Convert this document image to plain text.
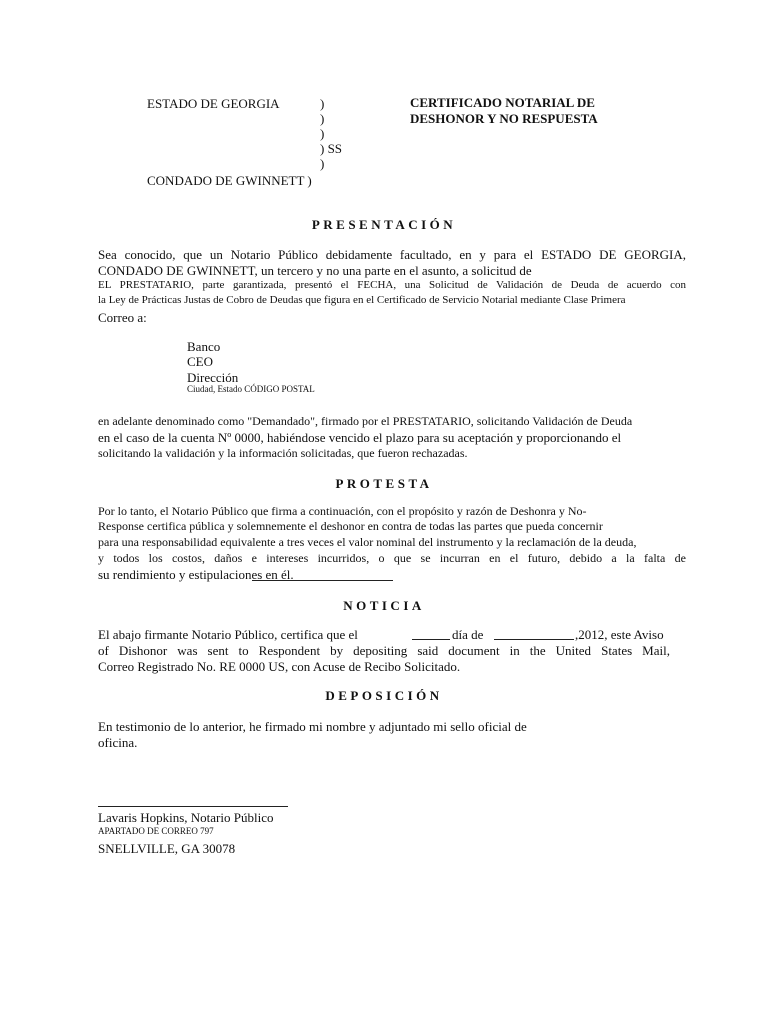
ESTADO DE GEORGIA	)
)
)
) SS
)
CONDADO DE GWINNETT )
CERTIFICADO NOTARIAL DE
DESHONOR Y NO RESPUESTA
PRESENTACIÓN
Sea conocido, que un Notario Público debidamente facultado, en y para el ESTADO DE GEORGIA,
CONDADO DE GWINNETT, un tercero y no una parte en el asunto, a solicitud de
EL PRESTATARIO, parte garantizada, presentó el FECHA, una Solicitud de Validación de Deuda de acuerdo con
la Ley de Prácticas Justas de Cobro de Deudas que figura en el Certificado de Servicio Notarial mediante Clase Primera
Correo a:
Banco
CEO
Dirección
Ciudad, Estado CÓDIGO POSTAL
en adelante denominado como "Demandado", firmado por el PRESTATARIO, solicitando Validación de Deuda
en el caso de la cuenta Nº 0000, habiéndose vencido el plazo para su aceptación y proporcionando el
solicitando la validación y la información solicitadas, que fueron rechazadas.
PROTESTA
Por lo tanto, el Notario Público que firma a continuación, con el propósito y razón de Deshonra y No-
Response certifica pública y solemnemente el deshonor en contra de todas las partes que pueda concernir
para una responsabilidad equivalente a tres veces el valor nominal del instrumento y la reclamación de la deuda,
y todos los costos, daños e intereses incurridos, o que se incurran en el futuro, debido a la falta de
su rendimiento y estipulaciones en él.
NOTICIA
El abajo firmante Notario Público, certifica que el	día de	,2012, este Aviso
of Dishonor was sent to Respondent by depositing said document in the United States Mail,
Correo Registrado No. RE 0000 US, con Acuse de Recibo Solicitado.
DEPOSICIÓN
En testimonio de lo anterior, he firmado mi nombre y adjuntado mi sello oficial de
oficina.
Lavaris Hopkins, Notario Público
APARTADO DE CORREO 797
SNELLVILLE, GA 30078
